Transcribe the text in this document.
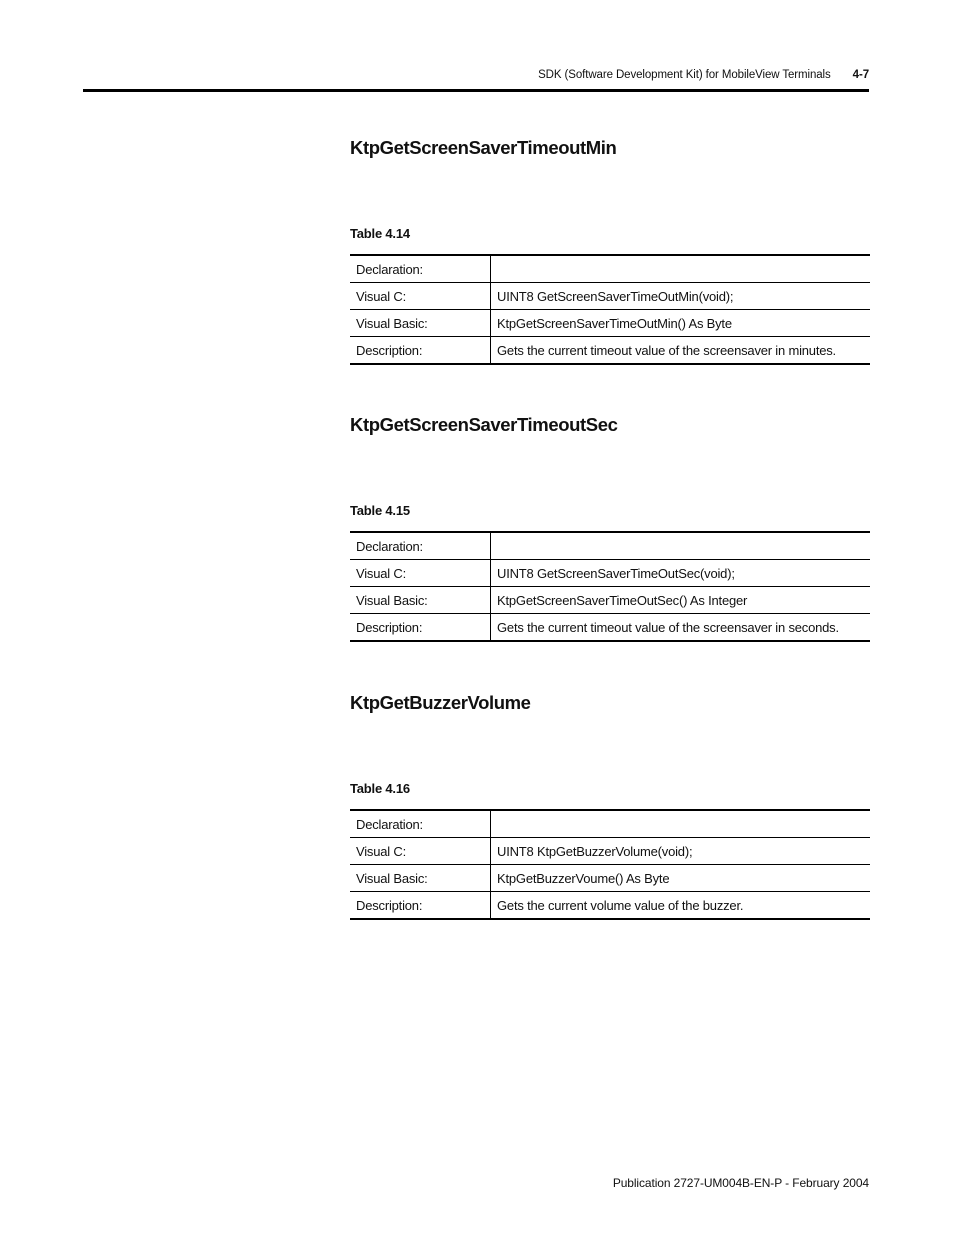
SDK (Software Development Kit) for MobileView Terminals 4-7
KtpGetScreenSaverTimeoutMin
Table 4.14
Declaration:	
Visual C:	UINT8 GetScreenSaverTimeOutMin(void);
Visual Basic:	KtpGetScreenSaverTimeOutMin() As Byte
Description:	Gets the current timeout value of the screensaver in minutes.
KtpGetScreenSaverTimeoutSec
Table 4.15
Declaration:	
Visual C:	UINT8 GetScreenSaverTimeOutSec(void);
Visual Basic:	KtpGetScreenSaverTimeOutSec() As Integer
Description:	Gets the current timeout value of the screensaver in seconds.
KtpGetBuzzerVolume
Table 4.16
Declaration:	
Visual C:	UINT8 KtpGetBuzzerVolume(void);
Visual Basic:	KtpGetBuzzerVoume() As Byte
Description:	Gets the current volume value of the buzzer.
Publication 2727-UM004B-EN-P - February 2004
